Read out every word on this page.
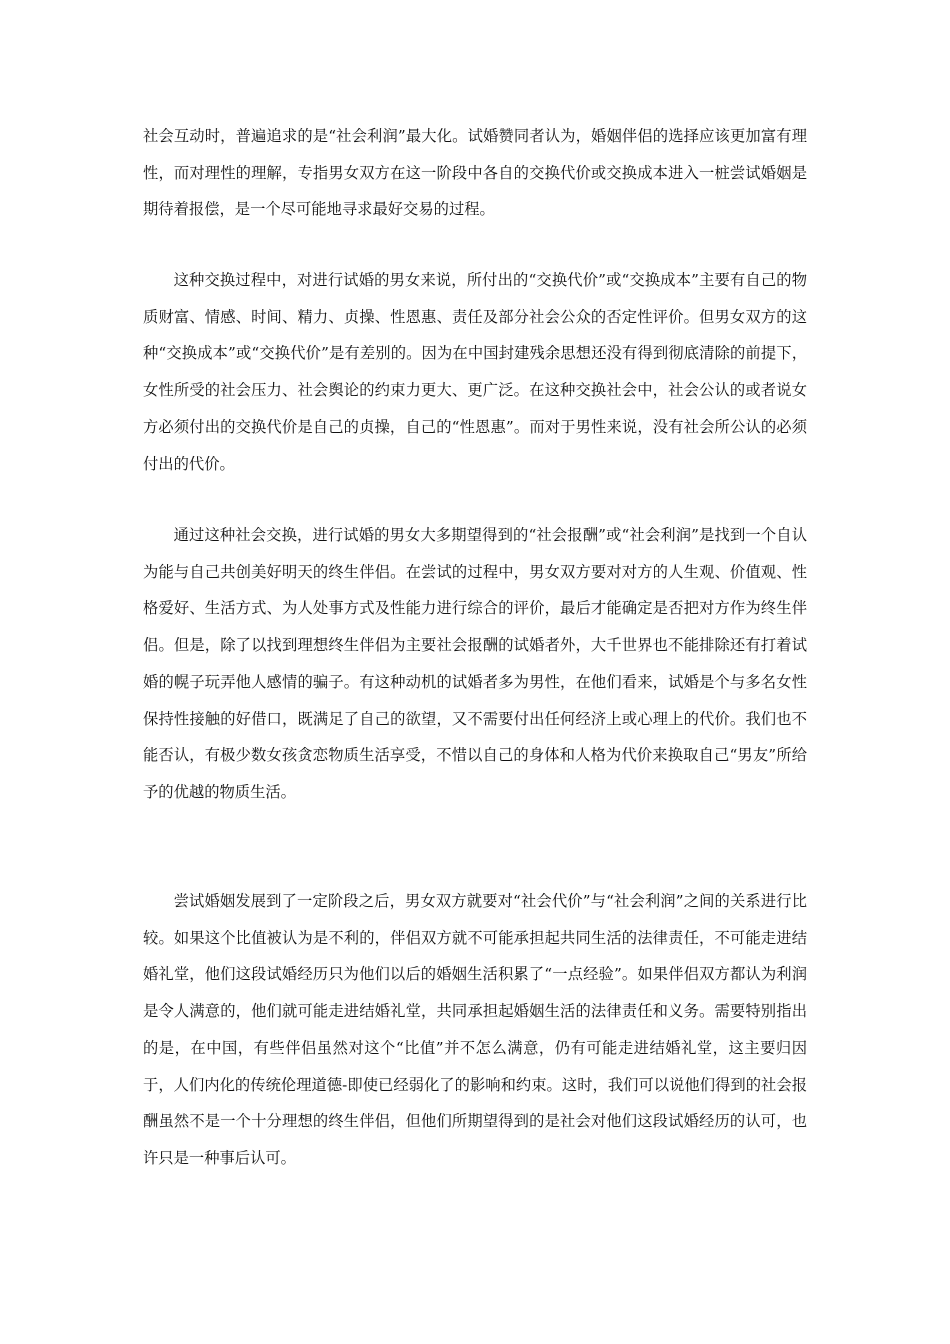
社会互动时，普遍追求的是“社会利润”最大化。试婚赞同者认为，婚姻伴侣的选择应该更加富有理性，而对理性的理解，专指男女双方在这一阶段中各自的交换代价或交换成本进入一桩尝试婚姻是期待着报偿，是一个尽可能地寻求最好交易的过程。

这种交换过程中，对进行试婚的男女来说，所付出的“交换代价”或“交换成本”主要有自己的物质财富、情感、时间、精力、贞操、性恩惠、责任及部分社会公众的否定性评价。但男女双方的这种“交换成本”或“交换代价”是有差别的。因为在中国封建残余思想还没有得到彻底清除的前提下，女性所受的社会压力、社会舆论的约束力更大、更广泛。在这种交换社会中，社会公认的或者说女方必须付出的交换代价是自己的贞操，自己的“性恩惠”。而对于男性来说，没有社会所公认的必须付出的代价。

通过这种社会交换，进行试婚的男女大多期望得到的“社会报酬”或“社会利润”是找到一个自认为能与自己共创美好明天的终生伴侣。在尝试的过程中，男女双方要对对方的人生观、价值观、性格爱好、生活方式、为人处事方式及性能力进行综合的评价，最后才能确定是否把对方作为终生伴侣。但是，除了以找到理想终生伴侣为主要社会报酬的试婚者外，大千世界也不能排除还有打着试婚的幌子玩弄他人感情的骗子。有这种动机的试婚者多为男性，在他们看来，试婚是个与多名女性保持性接触的好借口，既满足了自己的欲望，又不需要付出任何经济上或心理上的代价。我们也不能否认，有极少数女孩贪恋物质生活享受，不惜以自己的身体和人格为代价来换取自己“男友”所给予的优越的物质生活。

尝试婚姻发展到了一定阶段之后，男女双方就要对“社会代价”与“社会利润”之间的关系进行比较。如果这个比值被认为是不利的，伴侣双方就不可能承担起共同生活的法律责任，不可能走进结婚礼堂，他们这段试婚经历只为他们以后的婚姻生活积累了“一点经验”。如果伴侣双方都认为利润是令人满意的，他们就可能走进结婚礼堂，共同承担起婚姻生活的法律责任和义务。需要特别指出的是，在中国，有些伴侣虽然对这个“比值”并不怎么满意，仍有可能走进结婚礼堂，这主要归因于，人们内化的传统伦理道德-即使已经弱化了的影响和约束。这时，我们可以说他们得到的社会报酬虽然不是一个十分理想的终生伴侣，但他们所期望得到的是社会对他们这段试婚经历的认可，也许只是一种事后认可。
